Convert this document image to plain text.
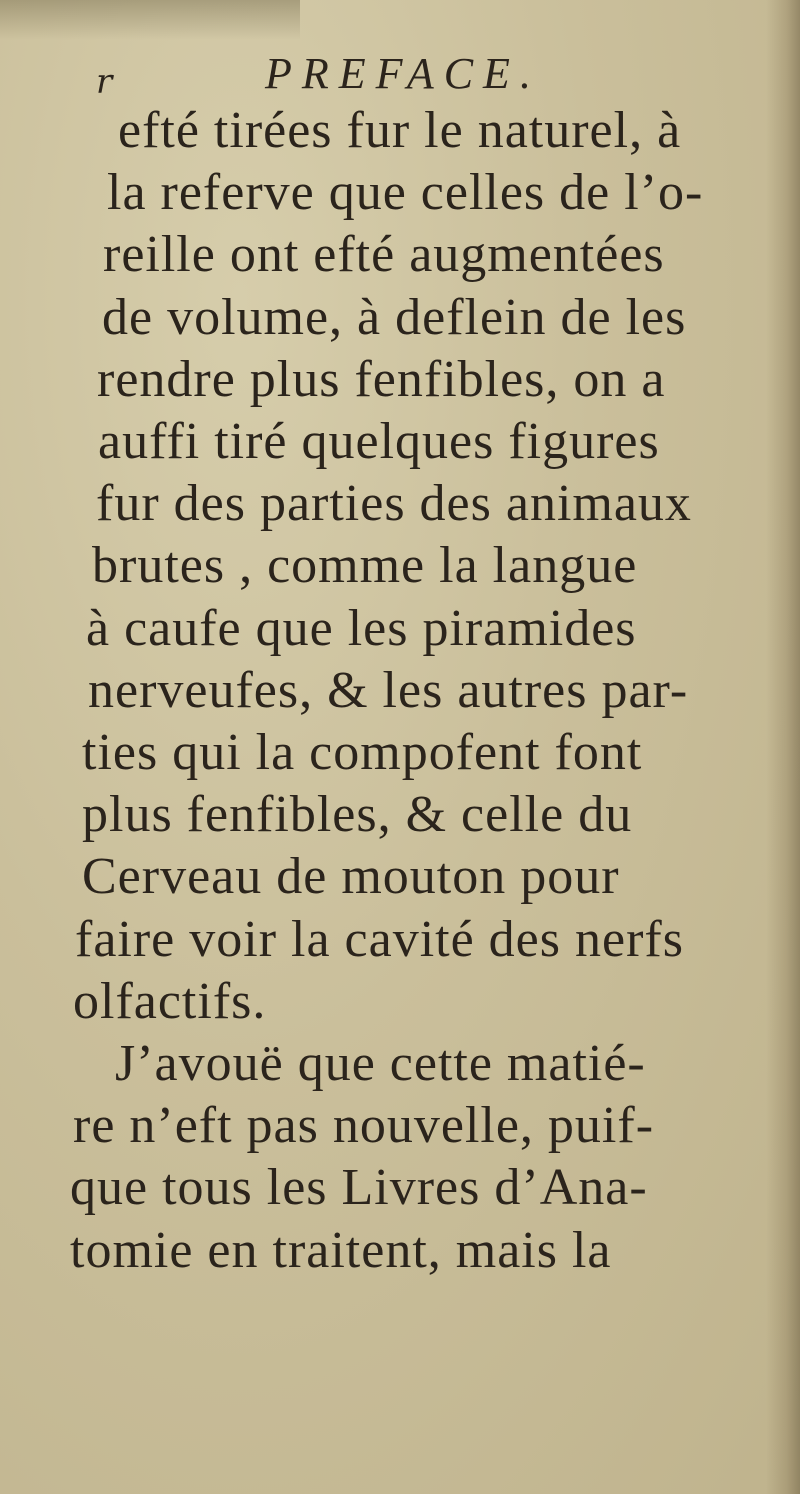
r	PREFACE.
efté tirées fur le naturel, à
la referve que celles de l’o-
reille ont efté augmentées
de volume, à deflein de les
rendre plus fenfibles, on a
auffi tiré quelques figures
fur des parties des animaux
brutes , comme la langue
à caufe que les piramides
nerveufes, & les autres par-
ties qui la compofent font
plus fenfibles, & celle du
Cerveau de mouton pour
faire voir la cavité des nerfs
olfactifs.
J’avouë que cette matié-
re n’eft pas nouvelle, puif-
que tous les Livres d’Ana-
tomie en traitent, mais la
